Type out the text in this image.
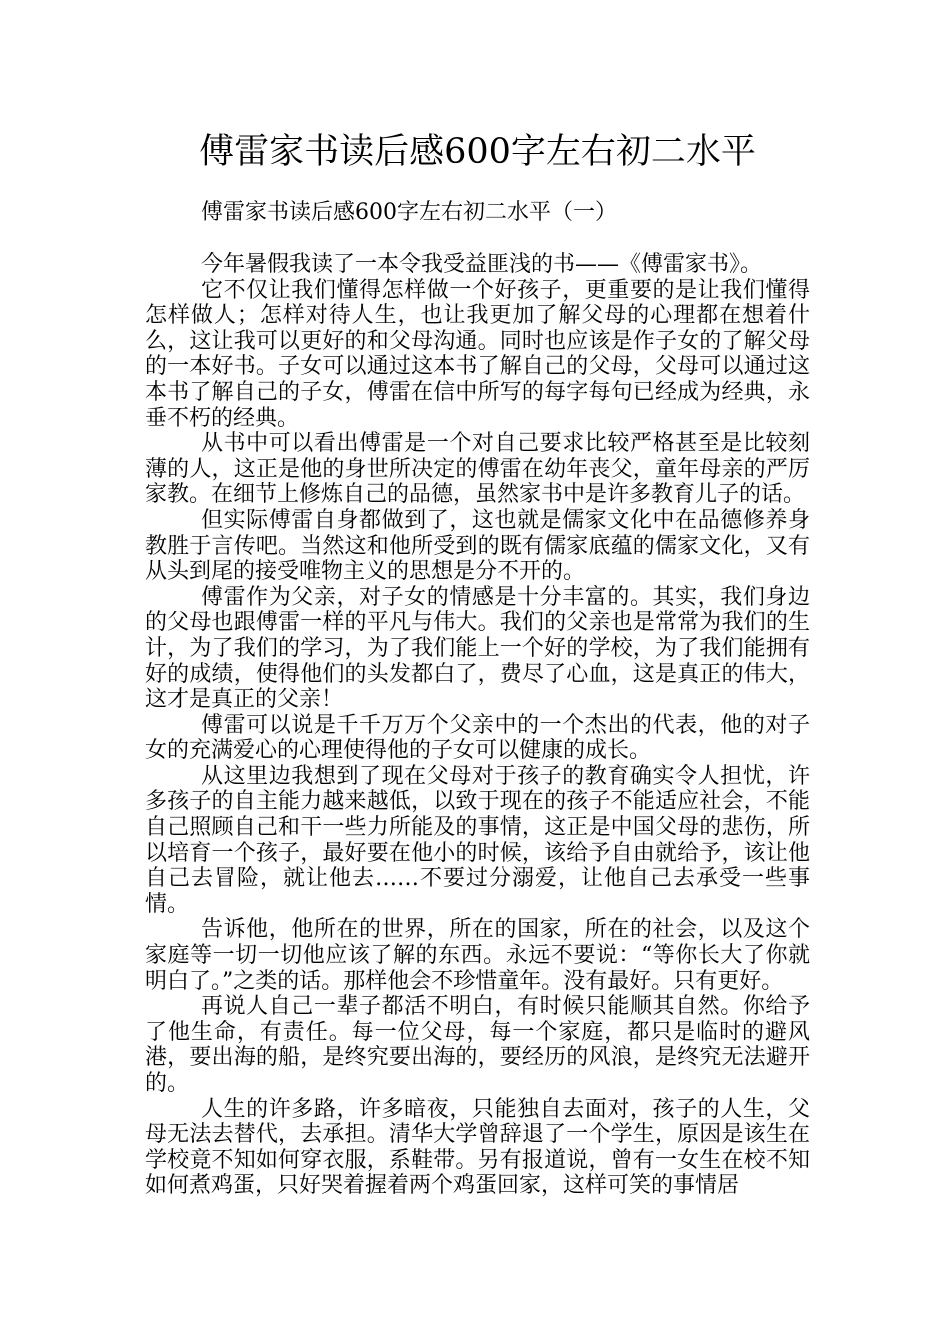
傅雷家书读后感600字左右初二水平
傅雷家书读后感600字左右初二水平（一）

今年暑假我读了一本令我受益匪浅的书——《傅雷家书》。

它不仅让我们懂得怎样做一个好孩子，更重要的是让我们懂得怎样做人；怎样对待人生，也让我更加了解父母的心理都在想着什么，这让我可以更好的和父母沟通。同时也应该是作子女的了解父母的一本好书。子女可以通过这本书了解自己的父母，父母可以通过这本书了解自己的子女，傅雷在信中所写的每字每句已经成为经典，永垂不朽的经典。

从书中可以看出傅雷是一个对自己要求比较严格甚至是比较刻薄的人，这正是他的身世所决定的傅雷在幼年丧父，童年母亲的严厉家教。在细节上修炼自己的品德，虽然家书中是许多教育儿子的话。

但实际傅雷自身都做到了，这也就是儒家文化中在品德修养身教胜于言传吧。当然这和他所受到的既有儒家底蕴的儒家文化，又有从头到尾的接受唯物主义的思想是分不开的。

傅雷作为父亲，对子女的情感是十分丰富的。其实，我们身边的父母也跟傅雷一样的平凡与伟大。我们的父亲也是常常为我们的生计，为了我们的学习，为了我们能上一个好的学校，为了我们能拥有好的成绩，使得他们的头发都白了，费尽了心血，这是真正的伟大，这才是真正的父亲！

傅雷可以说是千千万万个父亲中的一个杰出的代表，他的对子女的充满爱心的心理使得他的子女可以健康的成长。

从这里边我想到了现在父母对于孩子的教育确实令人担忧，许多孩子的自主能力越来越低，以致于现在的孩子不能适应社会，不能自己照顾自己和干一些力所能及的事情，这正是中国父母的悲伤，所以培育一个孩子，最好要在他小的时候，该给予自由就给予，该让他自己去冒险，就让他去……不要过分溺爱，让他自己去承受一些事情。

告诉他，他所在的世界，所在的国家，所在的社会，以及这个家庭等一切一切他应该了解的东西。永远不要说：“等你长大了你就明白了。”之类的话。那样他会不珍惜童年。没有最好。只有更好。

再说人自己一辈子都活不明白，有时候只能顺其自然。你给予了他生命，有责任。每一位父母，每一个家庭，都只是临时的避风港，要出海的船，是终究要出海的，要经历的风浪，是终究无法避开的。

人生的许多路，许多暗夜，只能独自去面对，孩子的人生，父母无法去替代，去承担。清华大学曾辞退了一个学生，原因是该生在学校竟不知如何穿衣服，系鞋带。另有报道说，曾有一女生在校不知如何煮鸡蛋，只好哭着握着两个鸡蛋回家，这样可笑的事情居
